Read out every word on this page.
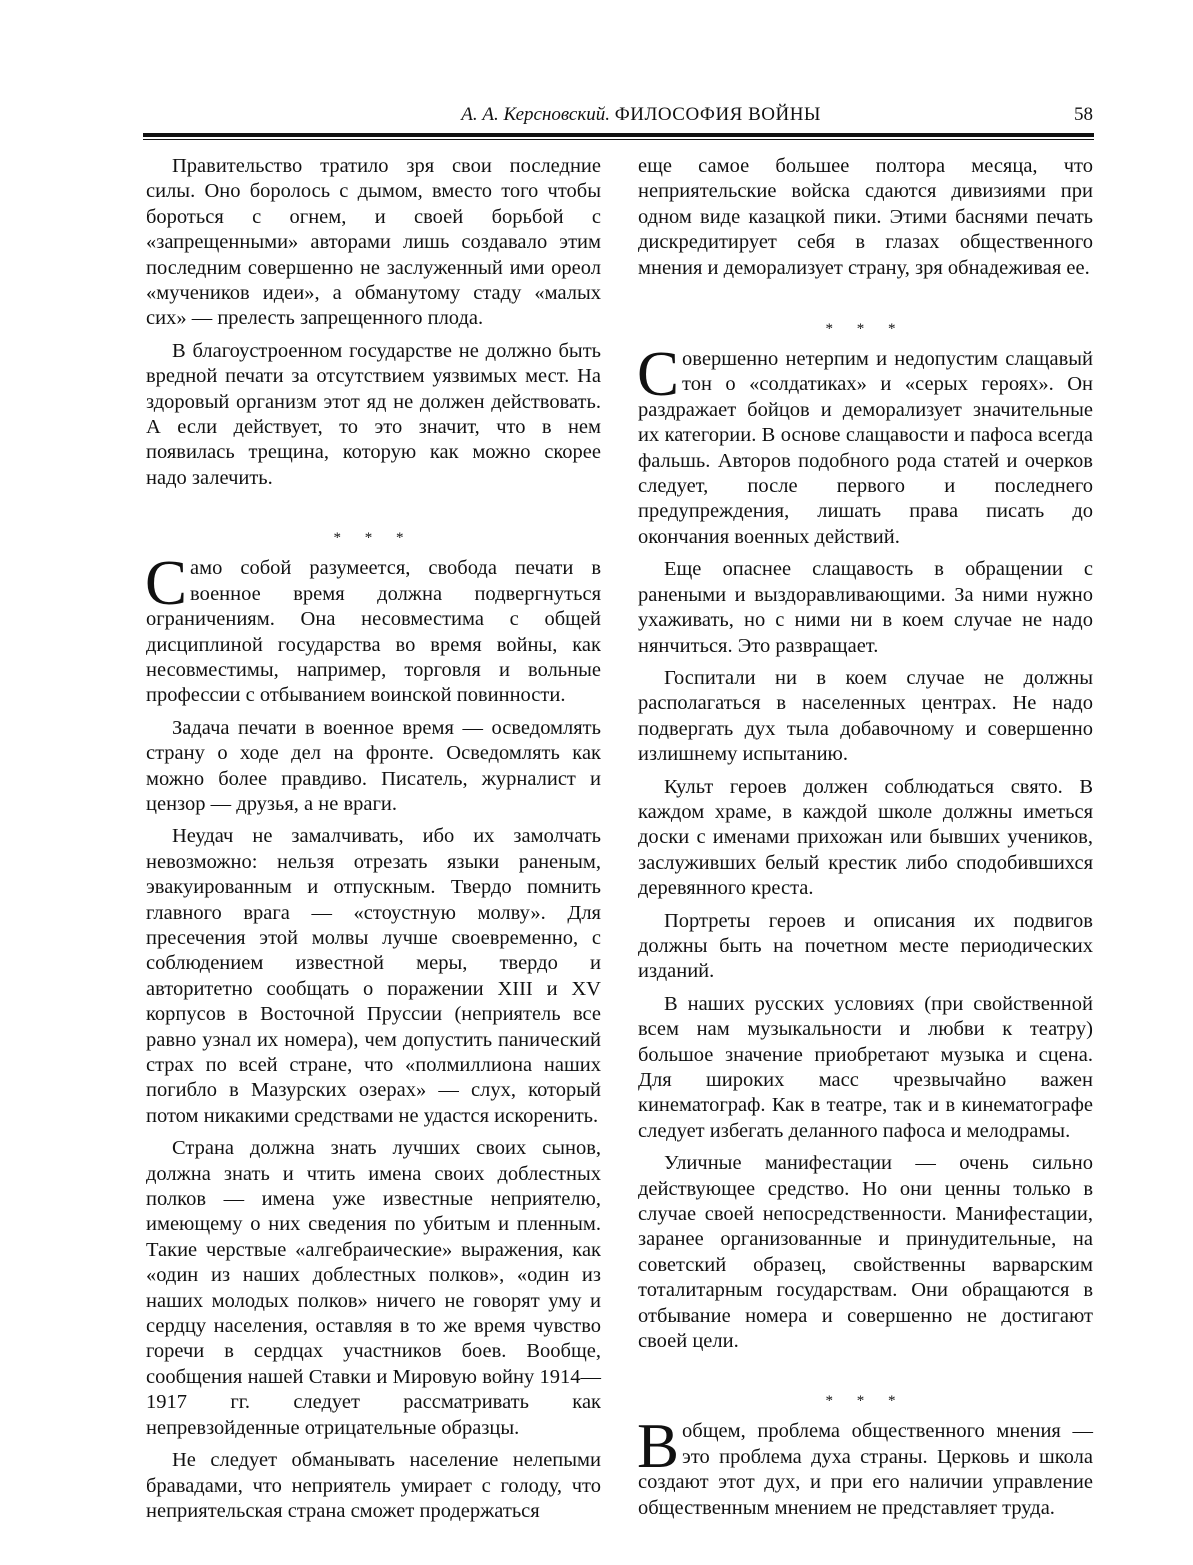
А. А. Керсновский. ФИЛОСОФИЯ ВОЙНЫ	58

Правительство тратило зря свои последние силы. Оно боролось с дымом, вместо того чтобы бороться с огнем, и своей борьбой с «запрещенными» авторами лишь создавало этим последним совершенно не заслуженный ими ореол «мучеников идеи», а обманутому стаду «малых сих» — прелесть запрещенного плода.

В благоустроенном государстве не должно быть вредной печати за отсутствием уязвимых мест. На здоровый организм этот яд не должен действовать. А если действует, то это значит, что в нем появилась трещина, которую как можно скорее надо залечить.

* * *

Само собой разумеется, свобода печати в военное время должна подвергнуться ограничениям. Она несовместима с общей дисциплиной государства во время войны, как несовместимы, например, торговля и вольные профессии с отбыванием воинской повинности.

Задача печати в военное время — осведомлять страну о ходе дел на фронте. Осведомлять как можно более правдиво. Писатель, журналист и цензор — друзья, а не враги.

Неудач не замалчивать, ибо их замолчать невозможно: нельзя отрезать языки раненым, эвакуированным и отпускным. Твердо помнить главного врага — «стоустную молву». Для пресечения этой молвы лучше своевременно, с соблюдением известной меры, твердо и авторитетно сообщать о поражении XIII и XV корпусов в Восточной Пруссии (неприятель все равно узнал их номера), чем допустить панический страх по всей стране, что «полмиллиона наших погибло в Мазурских озерах» — слух, который потом никакими средствами не удастся искоренить.

Страна должна знать лучших своих сынов, должна знать и чтить имена своих доблестных полков — имена уже известные неприятелю, имеющему о них сведения по убитым и пленным. Такие черствые «алгебраические» выражения, как «один из наших доблестных полков», «один из наших молодых полков» ничего не говорят уму и сердцу населения, оставляя в то же время чувство горечи в сердцах участников боев. Вообще, сообщения нашей Ставки и Мировую войну 1914—1917 гг. следует рассматривать как непревзойденные отрицательные образцы.

Не следует обманывать население нелепыми бравадами, что неприятель умирает с голоду, что неприятельская страна сможет продержаться

еще самое большее полтора месяца, что неприятельские войска сдаются дивизиями при одном виде казацкой пики. Этими баснями печать дискредитирует себя в глазах общественного мнения и деморализует страну, зря обнадеживая ее.

* * *

Совершенно нетерпим и недопустим слащавый тон о «солдатиках» и «серых героях». Он раздражает бойцов и деморализует значительные их категории. В основе слащавости и пафоса всегда фальшь. Авторов подобного рода статей и очерков следует, после первого и последнего предупреждения, лишать права писать до окончания военных действий.

Еще опаснее слащавость в обращении с ранеными и выздоравливающими. За ними нужно ухаживать, но с ними ни в коем случае не надо нянчиться. Это развращает.

Госпитали ни в коем случае не должны располагаться в населенных центрах. Не надо подвергать дух тыла добавочному и совершенно излишнему испытанию.

Культ героев должен соблюдаться свято. В каждом храме, в каждой школе должны иметься доски с именами прихожан или бывших учеников, заслуживших белый крестик либо сподобившихся деревянного креста.

Портреты героев и описания их подвигов должны быть на почетном месте периодических изданий.

В наших русских условиях (при свойственной всем нам музыкальности и любви к театру) большое значение приобретают музыка и сцена. Для широких масс чрезвычайно важен кинематограф. Как в театре, так и в кинематографе следует избегать деланного пафоса и мелодрамы.

Уличные манифестации — очень сильно действующее средство. Но они ценны только в случае своей непосредственности. Манифестации, заранее организованные и принудительные, на советский образец, свойственны варварским тоталитарным государствам. Они обращаются в отбывание номера и совершенно не достигают своей цели.

* * *

Вобщем, проблема общественного мнения — это проблема духа страны. Церковь и школа создают этот дух, и при его наличии управление общественным мнением не представляет труда.
